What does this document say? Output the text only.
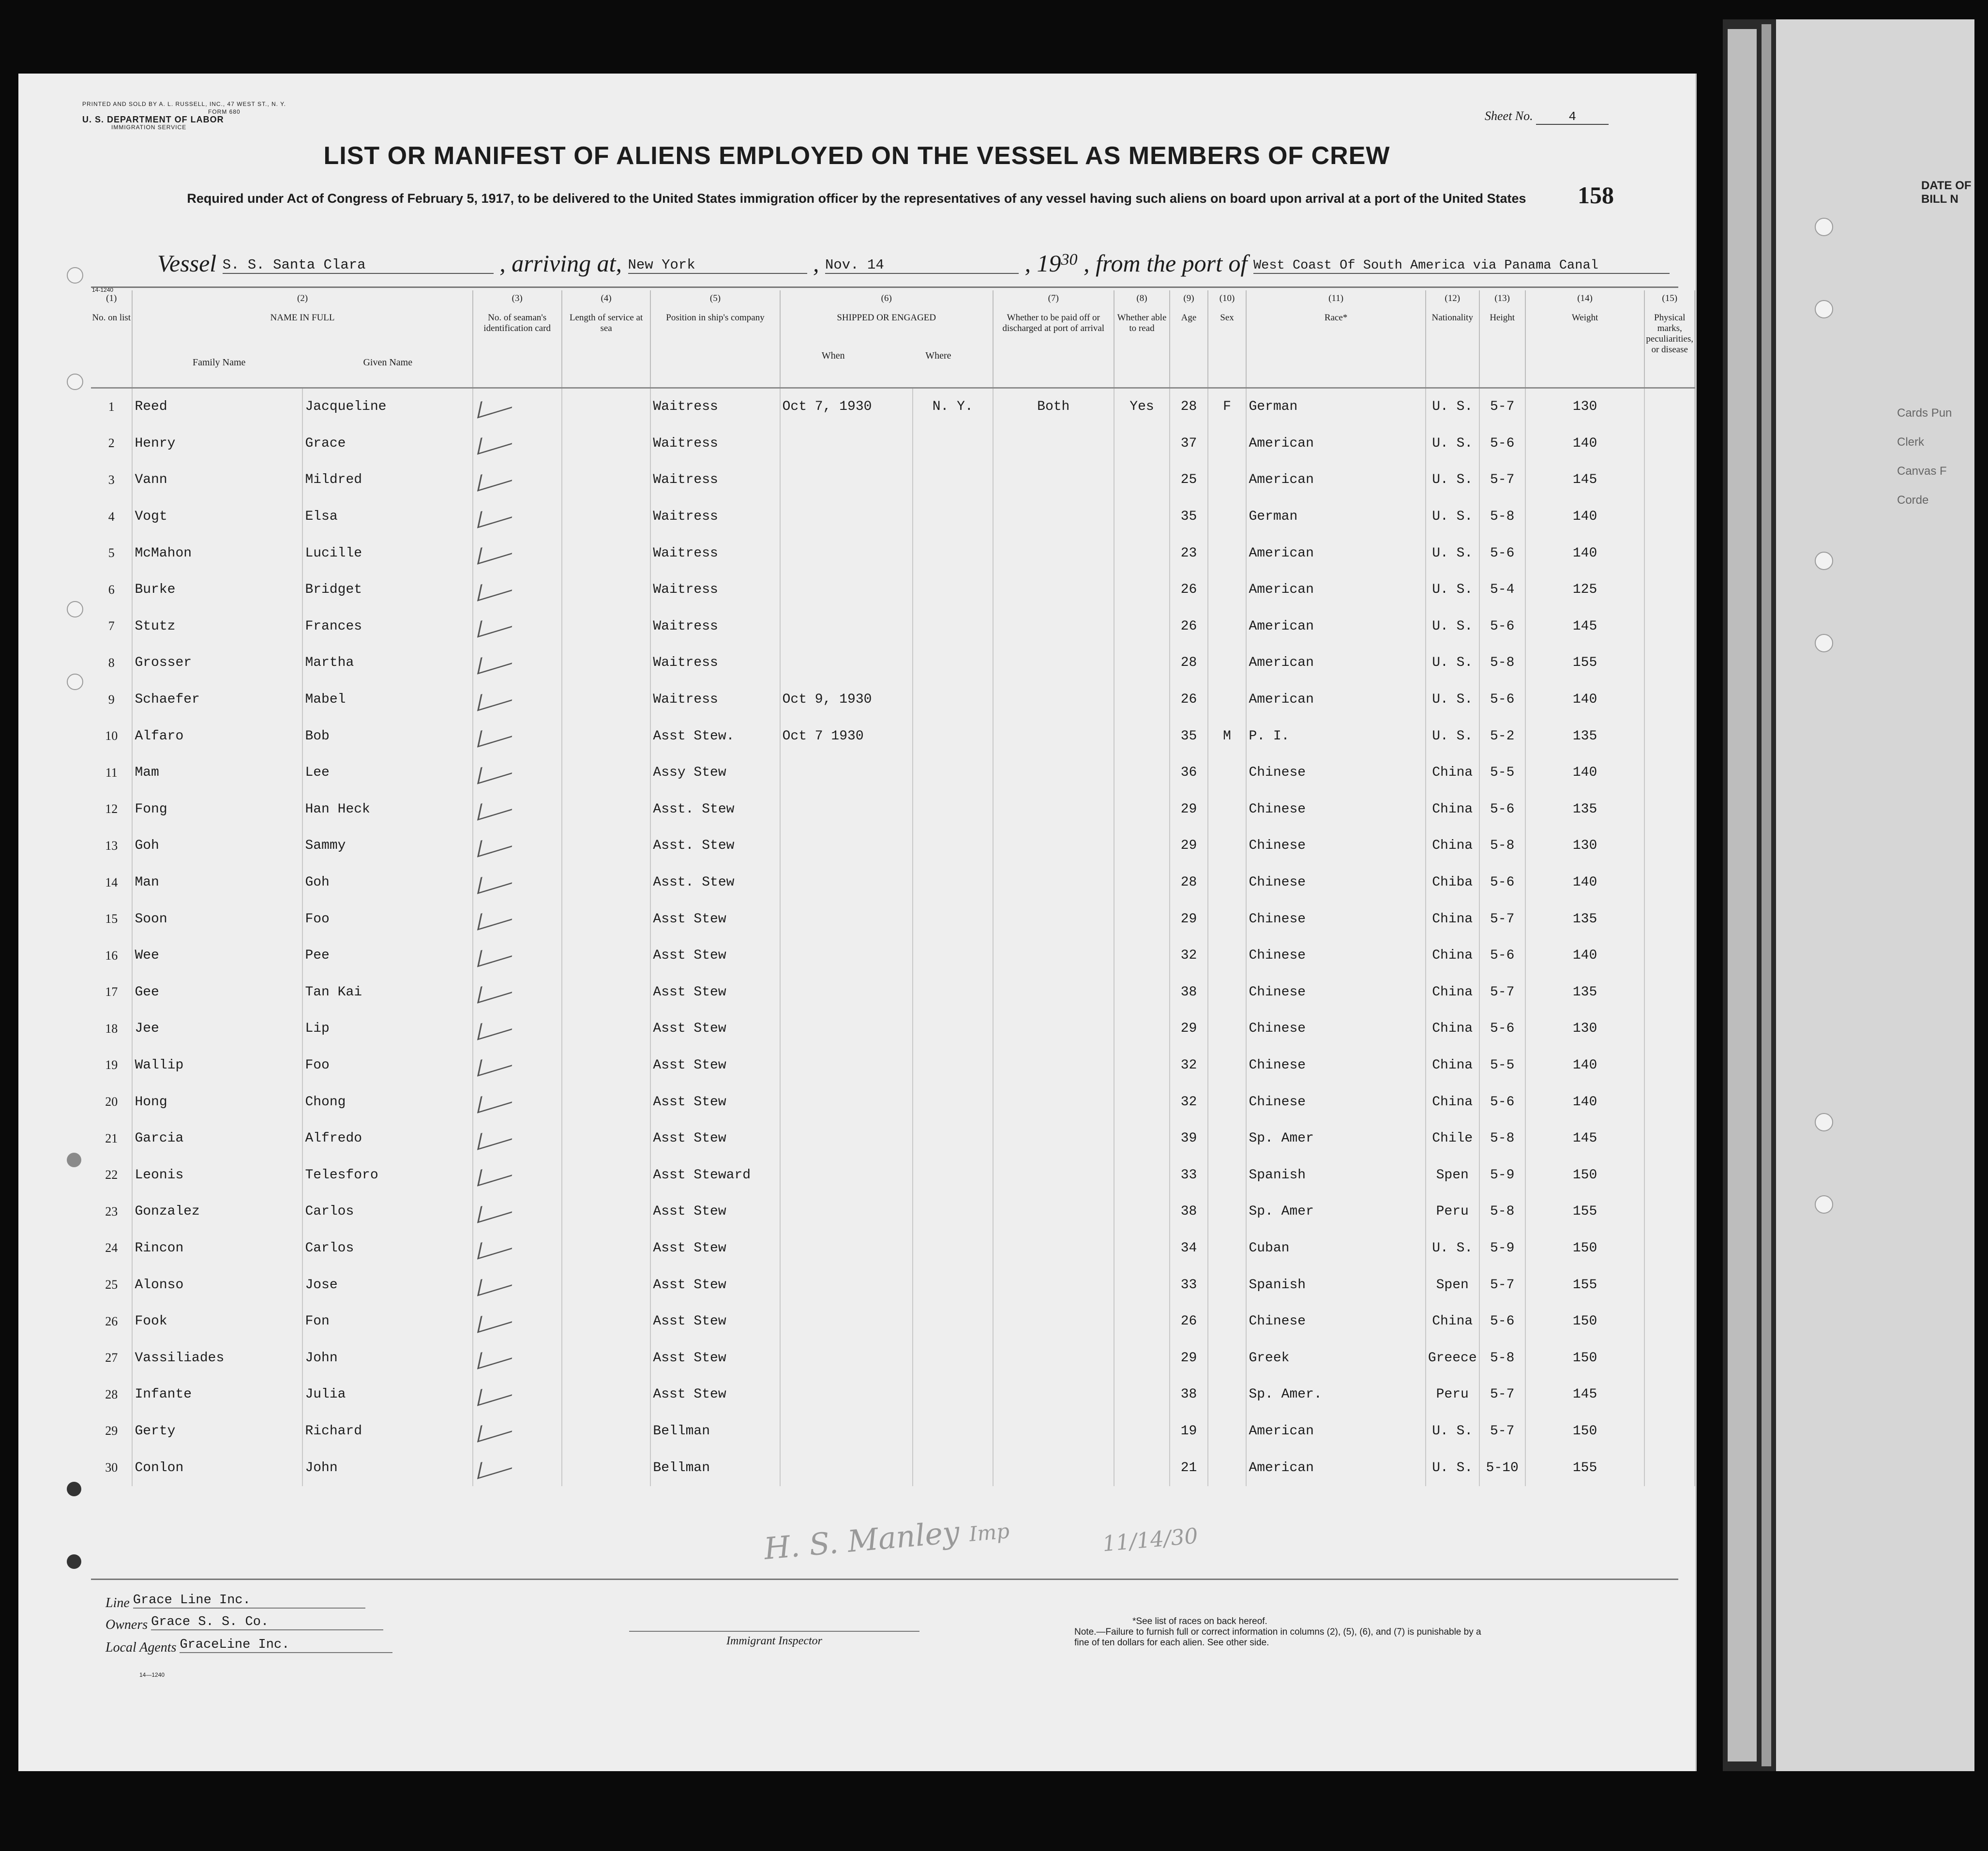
PRINTED AND SOLD BY A. L. RUSSELL, INC., 47 WEST ST., N. Y.
FORM 680
U. S. DEPARTMENT OF LABOR
IMMIGRATION SERVICE
Sheet No.	4
LIST OR MANIFEST OF ALIENS EMPLOYED ON THE VESSEL AS MEMBERS OF CREW
Required under Act of Congress of February 5, 1917, to be delivered to the United States immigration officer by the representatives of any vessel having such aliens on board upon arrival at a port of the United States	158
Vessel S. S. Santa Clara	, arriving at, New York	, Nov. 14	, $19^{30}$ , from the port of West Coast Of South America via Panama Canal
14-1240
(1)
No. on list	(2)
NAME IN FULL
Family Name Given Name		(3)
No. of seaman's identification card	(4)
Length of service at sea	(5)
Position in ship's company	(6)
SHIPPED OR ENGAGED
When Where		(7)
Whether to be paid off or discharged at port of arrival	(8)
Whether able to read	(9)
Age	(10)
Sex	(11)
Race*	(12)
Nationality	(13)
Height	(14)
Weight	(15)
Physical marks, peculiarities, or disease
1	Reed	Jacqueline			Waitress	Oct 7, 1930	N. Y.	Both	Yes	28	F	German	U. S.	5-7	130	
2	Henry	Grace			Waitress					37		American	U. S.	5-6	140	
3	Vann	Mildred			Waitress					25		American	U. S.	5-7	145	
4	Vogt	Elsa			Waitress					35		German	U. S.	5-8	140	
5	McMahon	Lucille			Waitress					23		American	U. S.	5-6	140	
6	Burke	Bridget			Waitress					26		American	U. S.	5-4	125	
7	Stutz	Frances			Waitress					26		American	U. S.	5-6	145	
8	Grosser	Martha			Waitress					28		American	U. S.	5-8	155	
9	Schaefer	Mabel			Waitress	Oct 9, 1930				26		American	U. S.	5-6	140	
10	Alfaro	Bob			Asst Stew.	Oct 7 1930				35	M	P. I.	U. S.	5-2	135	
11	Mam	Lee			Assy Stew					36		Chinese	China	5-5	140	
12	Fong	Han Heck			Asst. Stew					29		Chinese	China	5-6	135	
13	Goh	Sammy			Asst. Stew					29		Chinese	China	5-8	130	
14	Man	Goh			Asst. Stew					28		Chinese	Chiba	5-6	140	
15	Soon	Foo			Asst Stew					29		Chinese	China	5-7	135	
16	Wee	Pee			Asst Stew					32		Chinese	China	5-6	140	
17	Gee	Tan Kai			Asst Stew					38		Chinese	China	5-7	135	
18	Jee	Lip			Asst Stew					29		Chinese	China	5-6	130	
19	Wallip	Foo			Asst Stew					32		Chinese	China	5-5	140	
20	Hong	Chong			Asst Stew					32		Chinese	China	5-6	140	
21	Garcia	Alfredo			Asst Stew					39		Sp. Amer	Chile	5-8	145	
22	Leonis	Telesforo			Asst Steward					33		Spanish	Spen	5-9	150	
23	Gonzalez	Carlos			Asst Stew					38		Sp. Amer	Peru	5-8	155	
24	Rincon	Carlos			Asst Stew					34		Cuban	U. S.	5-9	150	
25	Alonso	Jose			Asst Stew					33		Spanish	Spen	5-7	155	
26	Fook	Fon			Asst Stew					26		Chinese	China	5-6	150	
27	Vassiliades	John			Asst Stew					29		Greek	Greece	5-8	150	
28	Infante	Julia			Asst Stew					38		Sp. Amer.	Peru	5-7	145	
29	Gerty	Richard			Bellman					19		American	U. S.	5-7	150	
30	Conlon	John			Bellman					21		American	U. S.	5-10	155	
H. S. Manley Imp	11/14/30
Line Grace Line Inc.
Owners Grace S. S. Co.
Local Agents GraceLine Inc.
14—1240
Immigrant Inspector
*See list of races on back hereof.
Note.—Failure to furnish full or correct information in columns (2), (5), (6), and (7) is punishable by a fine of ten dollars for each alien. See other side.
DATE OF
BILL N
Cards Pun
Clerk
Canvas F
Corde
